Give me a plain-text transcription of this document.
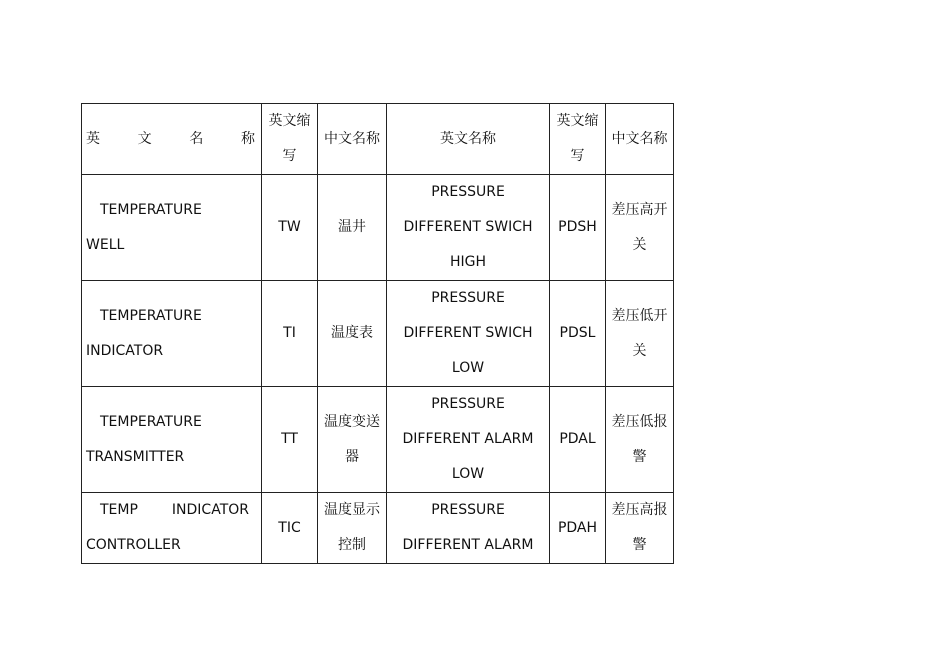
英 文 名 称	英文缩写	中文名称	英文名称	英文缩写	中文名称

TEMPERATURE
WELL	TW	温井	PRESSURE DIFFERENT SWICH HIGH	PDSH	差压高开关

TEMPERATURE
INDICATOR	TI	温度表	PRESSURE DIFFERENT SWICH LOW	PDSL	差压低开关

TEMPERATURE
TRANSMITTER	TT	温度变送器	PRESSURE DIFFERENT ALARM LOW	PDAL	差压低报警

TEMP INDICATOR
CONTROLLER	TIC	温度显示控制	PRESSURE DIFFERENT ALARM	PDAH	差压高报警
